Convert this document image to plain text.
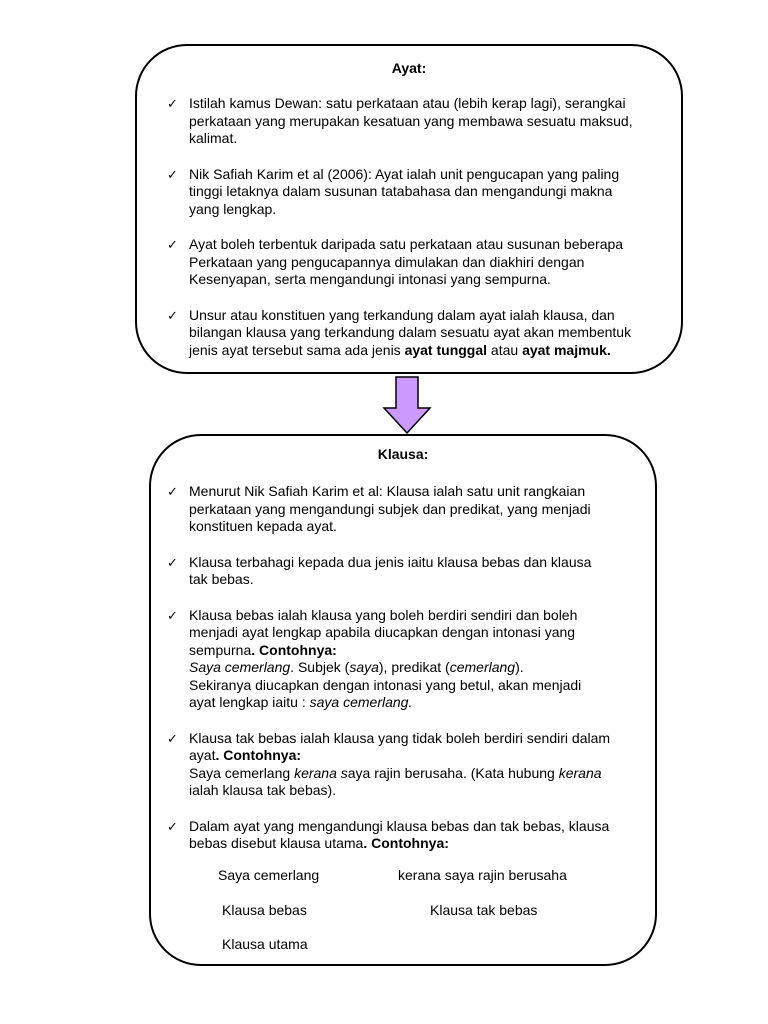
Ayat:
✓ Istilah kamus Dewan: satu perkataan atau (lebih kerap lagi), serangkai
perkataan yang merupakan kesatuan yang membawa sesuatu maksud,
kalimat.
✓ Nik Safiah Karim et al (2006): Ayat ialah unit pengucapan yang paling
tinggi letaknya dalam susunan tatabahasa dan mengandungi makna
yang lengkap.
✓ Ayat boleh terbentuk daripada satu perkataan atau susunan beberapa
Perkataan yang pengucapannya dimulakan dan diakhiri dengan
Kesenyapan, serta mengandungi intonasi yang sempurna.
✓ Unsur atau konstituen yang terkandung dalam ayat ialah klausa, dan
bilangan klausa yang terkandung dalam sesuatu ayat akan membentuk
jenis ayat tersebut sama ada jenis ayat tunggal atau ayat majmuk.
Klausa:
✓ Menurut Nik Safiah Karim et al: Klausa ialah satu unit rangkaian
perkataan yang mengandungi subjek dan predikat, yang menjadi
konstituen kepada ayat.
✓ Klausa terbahagi kepada dua jenis iaitu klausa bebas dan klausa
tak bebas.
✓ Klausa bebas ialah klausa yang boleh berdiri sendiri dan boleh
menjadi ayat lengkap apabila diucapkan dengan intonasi yang
sempurna. Contohnya:
Saya cemerlang. Subjek (saya), predikat (cemerlang).
Sekiranya diucapkan dengan intonasi yang betul, akan menjadi
ayat lengkap iaitu : saya cemerlang.
✓ Klausa tak bebas ialah klausa yang tidak boleh berdiri sendiri dalam
ayat. Contohnya:
Saya cemerlang kerana saya rajin berusaha. (Kata hubung kerana
ialah klausa tak bebas).
✓ Dalam ayat yang mengandungi klausa bebas dan tak bebas, klausa
bebas disebut klausa utama. Contohnya:
Saya cemerlang	kerana saya rajin berusaha
Klausa bebas	Klausa tak bebas
Klausa utama
